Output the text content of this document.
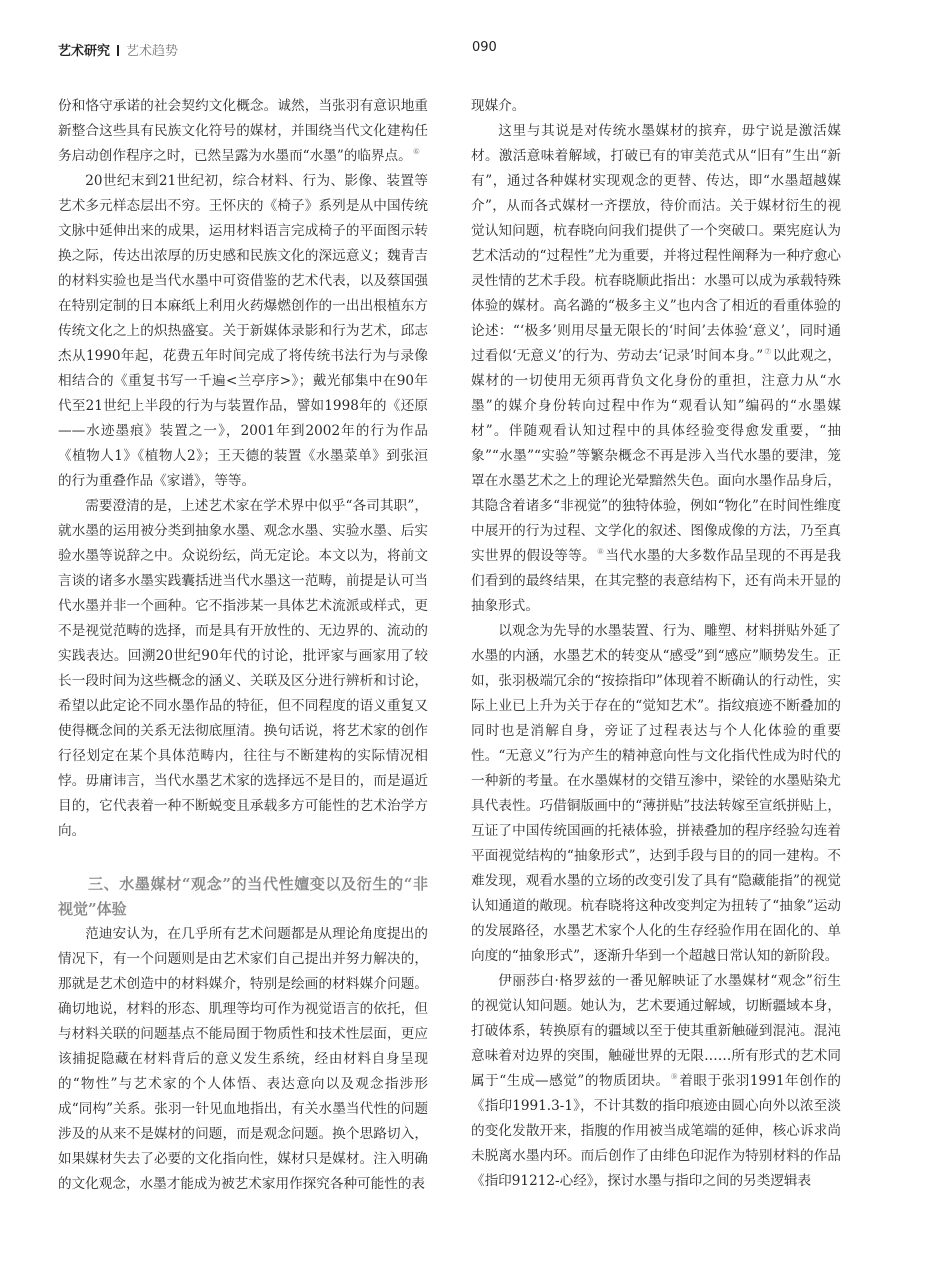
艺术研究 艺术趋势	090

份和恪守承诺的社会契约文化概念。诚然，当张羽有意识地重新整合这些具有民族文化符号的媒材，并围绕当代文化建构任务启动创作程序之时，已然呈露为水墨而“水墨”的临界点。⑥

20世纪末到21世纪初，综合材料、行为、影像、装置等艺术多元样态层出不穷。王怀庆的《椅子》系列是从中国传统文脉中延伸出来的成果，运用材料语言完成椅子的平面图示转换之际，传达出浓厚的历史感和民族文化的深远意义；魏青吉的材料实验也是当代水墨中可资借鉴的艺术代表，以及蔡国强在特别定制的日本麻纸上利用火药爆燃创作的一出出根植东方传统文化之上的炽热盛宴。关于新媒体录影和行为艺术，邱志杰从1990年起，花费五年时间完成了将传统书法行为与录像相结合的《重复书写一千遍<兰亭序>》；戴光郁集中在90年代至21世纪上半段的行为与装置作品，譬如1998年的《还原——水迹墨痕》装置之一》，2001年到2002年的行为作品《植物人1》《植物人2》；王天德的装置《水墨菜单》到张洹的行为重叠作品《家谱》，等等。

需要澄清的是，上述艺术家在学术界中似乎“各司其职”，就水墨的运用被分类到抽象水墨、观念水墨、实验水墨、后实验水墨等说辞之中。众说纷纭，尚无定论。本文以为，将前文言谈的诸多水墨实践囊括进当代水墨这一范畴，前提是认可当代水墨并非一个画种。它不指涉某一具体艺术流派或样式，更不是视觉范畴的选择，而是具有开放性的、无边界的、流动的实践表达。回溯20世纪90年代的讨论，批评家与画家用了较长一段时间为这些概念的涵义、关联及区分进行辨析和讨论，希望以此定论不同水墨作品的特征，但不同程度的语义重复又使得概念间的关系无法彻底厘清。换句话说，将艺术家的创作行径划定在某个具体范畴内，往往与不断建构的实际情况相悖。毋庸讳言，当代水墨艺术家的选择远不是目的，而是逼近目的，它代表着一种不断蜕变且承载多方可能性的艺术治学方向。

三、水墨媒材“观念”的当代性嬗变以及衍生的“非视觉”体验

范迪安认为，在几乎所有艺术问题都是从理论角度提出的情况下，有一个问题则是由艺术家们自己提出并努力解决的，那就是艺术创造中的材料媒介，特别是绘画的材料媒介问题。确切地说，材料的形态、肌理等均可作为视觉语言的依托，但与材料关联的问题基点不能局囿于物质性和技术性层面，更应该捕捉隐藏在材料背后的意义发生系统，经由材料自身呈现的“物性”与艺术家的个人体悟、表达意向以及观念指涉形成“同构”关系。张羽一针见血地指出，有关水墨当代性的问题涉及的从来不是媒材的问题，而是观念问题。换个思路切入，如果媒材失去了必要的文化指向性，媒材只是媒材。注入明确的文化观念，水墨才能成为被艺术家用作探究各种可能性的表

现媒介。

这里与其说是对传统水墨媒材的摈弃，毋宁说是激活媒材。激活意味着解域，打破已有的审美范式从“旧有”生出“新有”，通过各种媒材实现观念的更替、传达，即“水墨超越媒介”，从而各式媒材一齐摆放，待价而沽。关于媒材衍生的视觉认知问题，杭春晓向问我们提供了一个突破口。栗宪庭认为艺术活动的“过程性”尤为重要，并将过程性阐释为一种疗愈心灵性情的艺术手段。杭春晓顺此指出：水墨可以成为承载特殊体验的媒材。高名潞的“极多主义”也内含了相近的看重体验的论述：“‘极多’则用尽量无限长的‘时间’去体验‘意义’，同时通过看似‘无意义’的行为、劳动去‘记录’时间本身。”⑦以此观之，媒材的一切使用无须再背负文化身份的重担，注意力从“水墨”的媒介身份转向过程中作为“观看认知”编码的“水墨媒材”。伴随观看认知过程中的具体经验变得愈发重要，“抽象”“水墨”“实验”等繁杂概念不再是涉入当代水墨的要津，笼罩在水墨艺术之上的理论光晕黯然失色。面向水墨作品身后，其隐含着诸多“非视觉”的独特体验，例如“物化”在时间性维度中展开的行为过程、文学化的叙述、图像成像的方法，乃至真实世界的假设等等。⑧当代水墨的大多数作品呈现的不再是我们看到的最终结果，在其完整的表意结构下，还有尚未开显的抽象形式。

以观念为先导的水墨装置、行为、雕塑、材料拼贴外延了水墨的内涵，水墨艺术的转变从“感受”到“感应”顺势发生。正如，张羽极端冗余的“按捺指印”体现着不断确认的行动性，实际上业已上升为关于存在的“觉知艺术”。指纹痕迹不断叠加的同时也是消解自身，旁证了过程表达与个人化体验的重要性。“无意义”行为产生的精神意向性与文化指代性成为时代的一种新的考量。在水墨媒材的交错互渗中，梁铨的水墨贴染尤具代表性。巧借铜版画中的“薄拼贴”技法转嫁至宣纸拼贴上，互证了中国传统国画的托裱体验，拼裱叠加的程序经验勾连着平面视觉结构的“抽象形式”，达到手段与目的的同一建构。不难发现，观看水墨的立场的改变引发了具有“隐藏能指”的视觉认知通道的敞现。杭春晓将这种改变判定为扭转了“抽象”运动的发展路径，水墨艺术家个人化的生存经验作用在固化的、单向度的“抽象形式”，逐渐升华到一个超越日常认知的新阶段。

伊丽莎白·格罗兹的一番见解映证了水墨媒材“观念”衍生的视觉认知问题。她认为，艺术要通过解域，切断疆域本身，打破体系，转换原有的疆域以至于使其重新触碰到混沌。混沌意味着对边界的突围，触碰世界的无限……所有形式的艺术同属于“生成—感觉”的物质团块。⑨着眼于张羽1991年创作的《指印1991.3-1》，不计其数的指印痕迹由圆心向外以浓至淡的变化发散开来，指腹的作用被当成笔端的延伸，核心诉求尚未脱离水墨内环。而后创作了由绯色印泥作为特别材料的作品《指印91212-心经》，探讨水墨与指印之间的另类逻辑表
